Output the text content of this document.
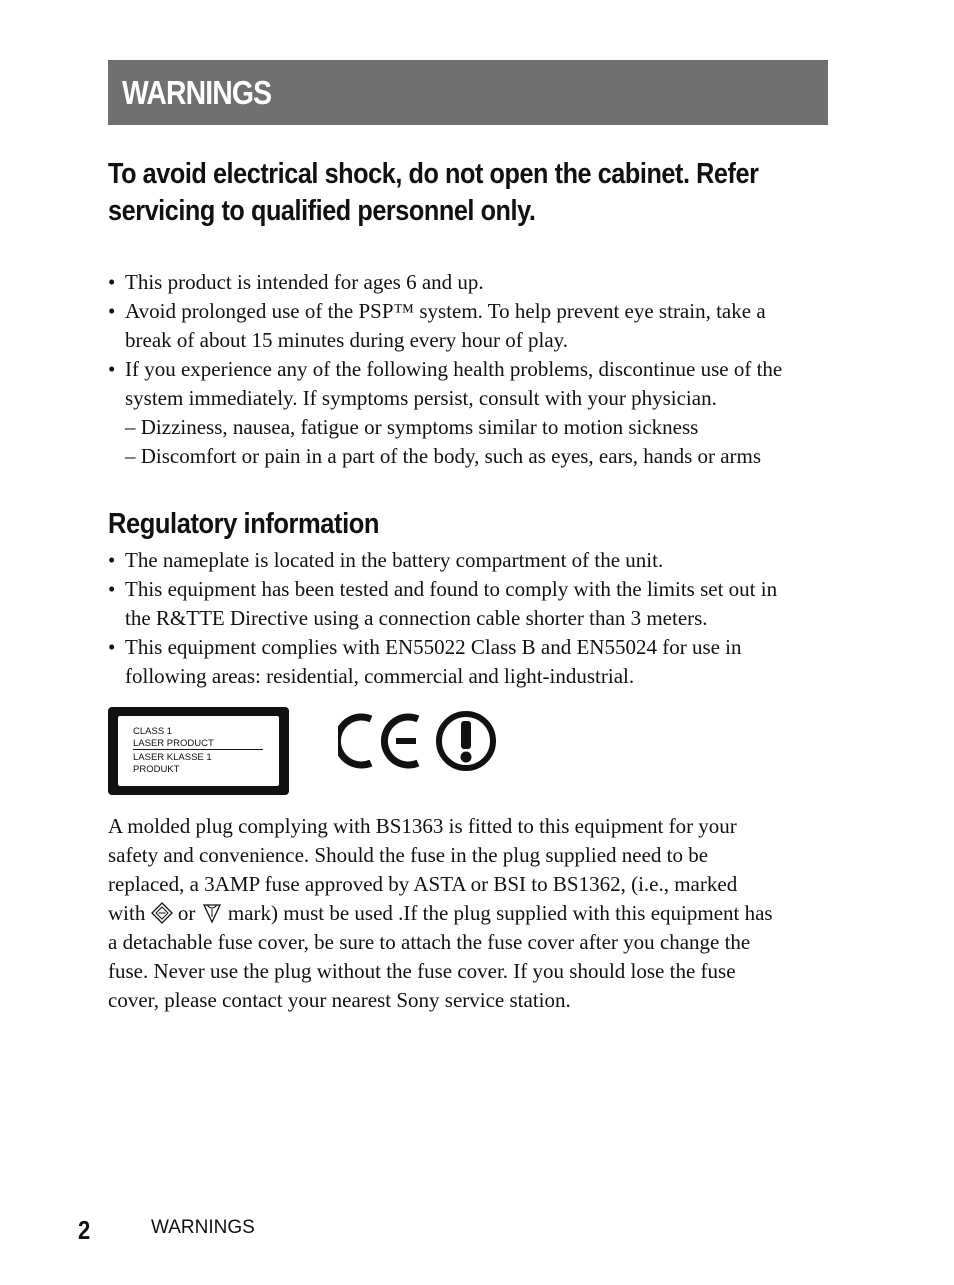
WARNINGS
To avoid electrical shock, do not open the cabinet. Refer
servicing to qualified personnel only.
• This product is intended for ages 6 and up.
• Avoid prolonged use of the PSP™ system. To help prevent eye strain, take a
break of about 15 minutes during every hour of play.
• If you experience any of the following health problems, discontinue use of the
system immediately. If symptoms persist, consult with your physician.
– Dizziness, nausea, fatigue or symptoms similar to motion sickness
– Discomfort or pain in a part of the body, such as eyes, ears, hands or arms
Regulatory information
• The nameplate is located in the battery compartment of the unit.
• This equipment has been tested and found to comply with the limits set out in
the R&TTE Directive using a connection cable shorter than 3 meters.
• This equipment complies with EN55022 Class B and EN55024 for use in
following areas: residential, commercial and light-industrial.
CLASS 1
LASER PRODUCT
LASER KLASSE 1
PRODUKT
A molded plug complying with BS1363 is fitted to this equipment for your
safety and convenience. Should the fuse in the plug supplied need to be
replaced, a 3AMP fuse approved by ASTA or BSI to BS1362, (i.e., marked
with or mark) must be used .If the plug supplied with this equipment has
a detachable fuse cover, be sure to attach the fuse cover after you change the
fuse. Never use the plug without the fuse cover. If you should lose the fuse
cover, please contact your nearest Sony service station.
2	WARNINGS
